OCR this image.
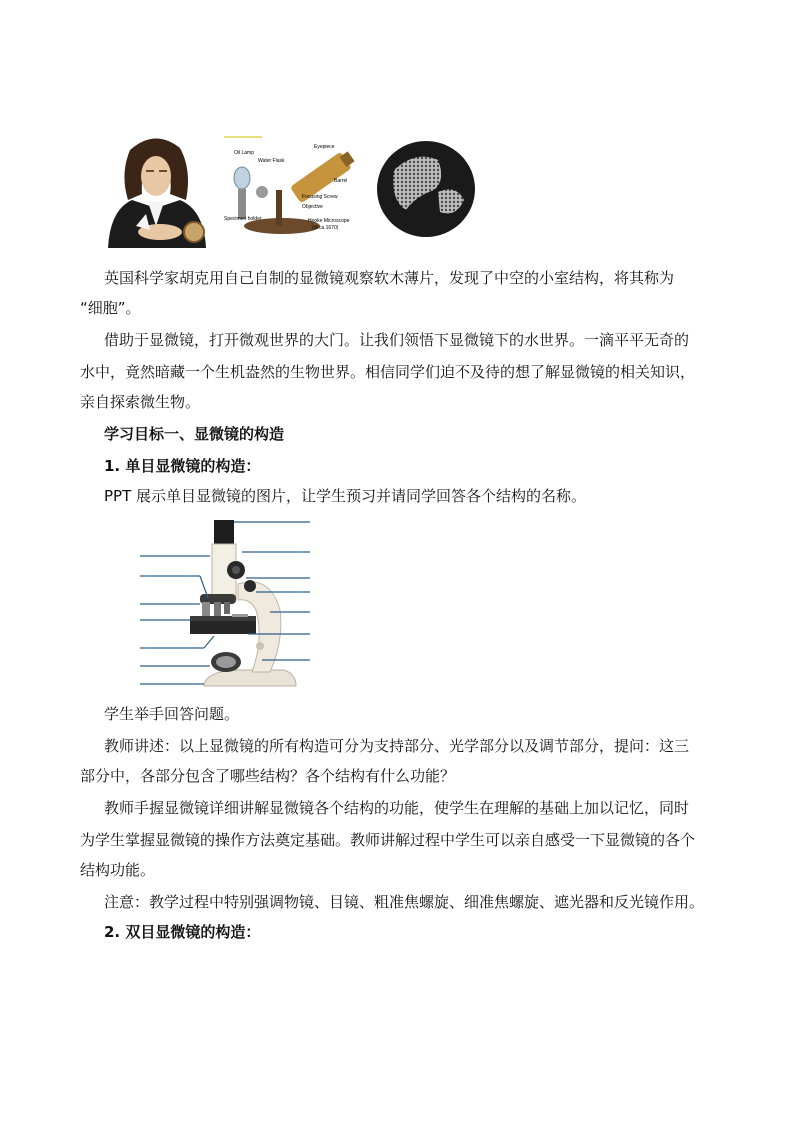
Oil Lamp
Water Flask
Eyepiece
Barrel
Focusing Screw
Objective
Specimen holder	Hooke Microscope
(circa 1670)
英国科学家胡克用自己自制的显微镜观察软木薄片，发现了中空的小室结构，将其称为
“细胞”。
借助于显微镜，打开微观世界的大门。让我们领悟下显微镜下的水世界。一滴平平无奇的
水中，竟然暗藏一个生机盎然的生物世界。相信同学们迫不及待的想了解显微镜的相关知识，
亲自探索微生物。
学习目标一、显微镜的构造
1. 单目显微镜的构造：
PPT 展示单目显微镜的图片，让学生预习并请同学回答各个结构的名称。
学生举手回答问题。
教师讲述：以上显微镜的所有构造可分为支持部分、光学部分以及调节部分，提问：这三
部分中，各部分包含了哪些结构？各个结构有什么功能？
教师手握显微镜详细讲解显微镜各个结构的功能，使学生在理解的基础上加以记忆，同时
为学生掌握显微镜的操作方法奠定基础。教师讲解过程中学生可以亲自感受一下显微镜的各个
结构功能。
注意：教学过程中特别强调物镜、目镜、粗准焦螺旋、细准焦螺旋、遮光器和反光镜作用。
2. 双目显微镜的构造：
